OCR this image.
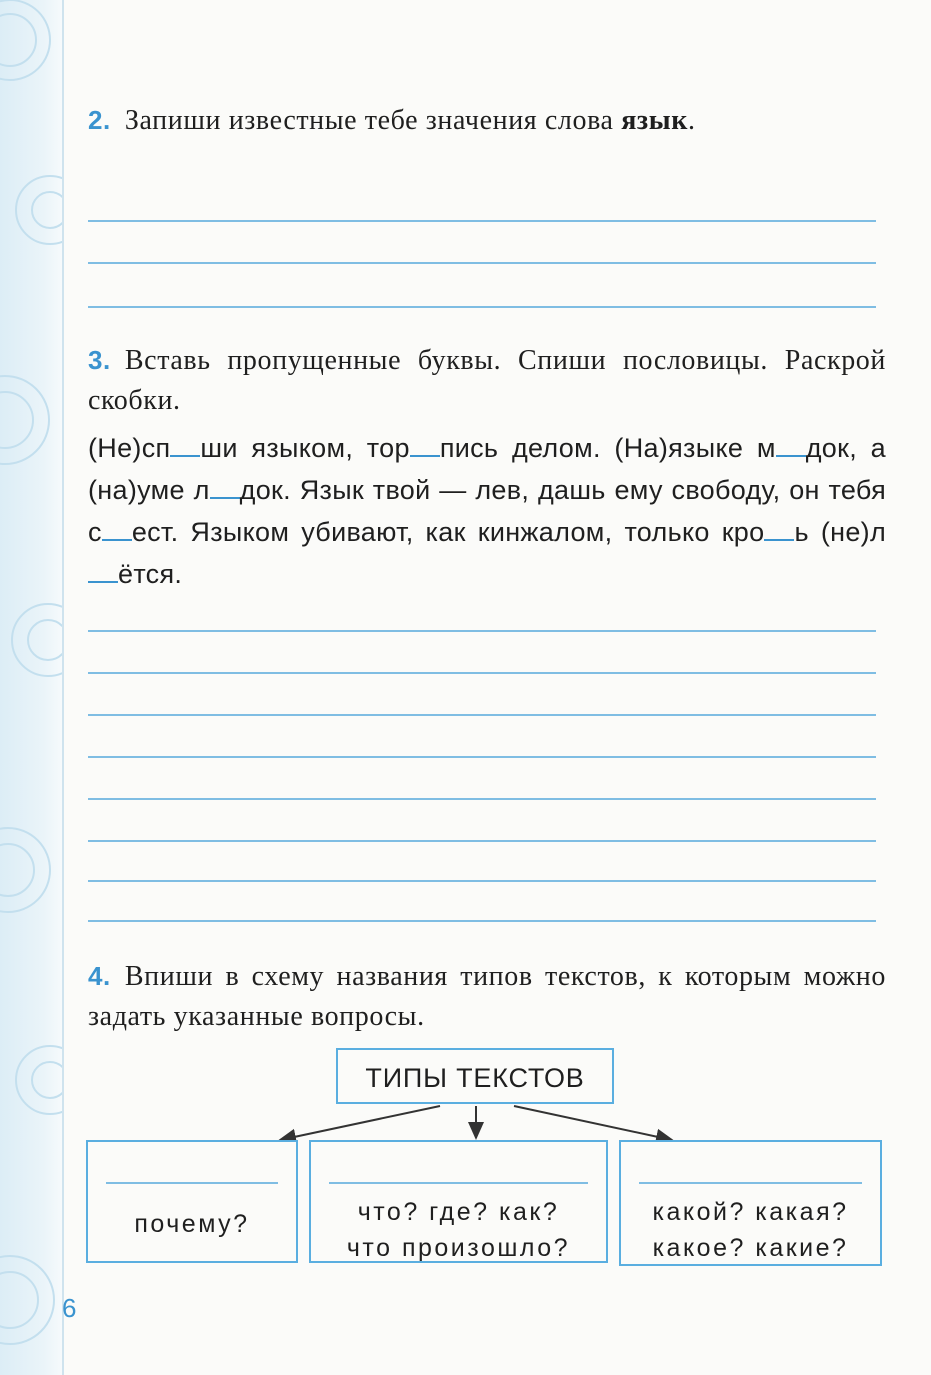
2. Запиши известные тебе значения слова язык.
3. Вставь пропущенные буквы. Спиши пословицы. Раскрой скобки.
(Не)сп ши языком, тор пись делом. (На)языке м док, а (на)уме л док. Язык твой — лев, дашь ему свободу, он тебя с ест. Языком убивают, как кинжалом, только кро ь (не)лётся.
4. Впиши в схему названия типов текстов, к которым можно задать указанные вопросы.
ТИПЫ ТЕКСТОВ
почему?	что? где? как?
что произошло?
какой? какая?
какое? какие?
6
